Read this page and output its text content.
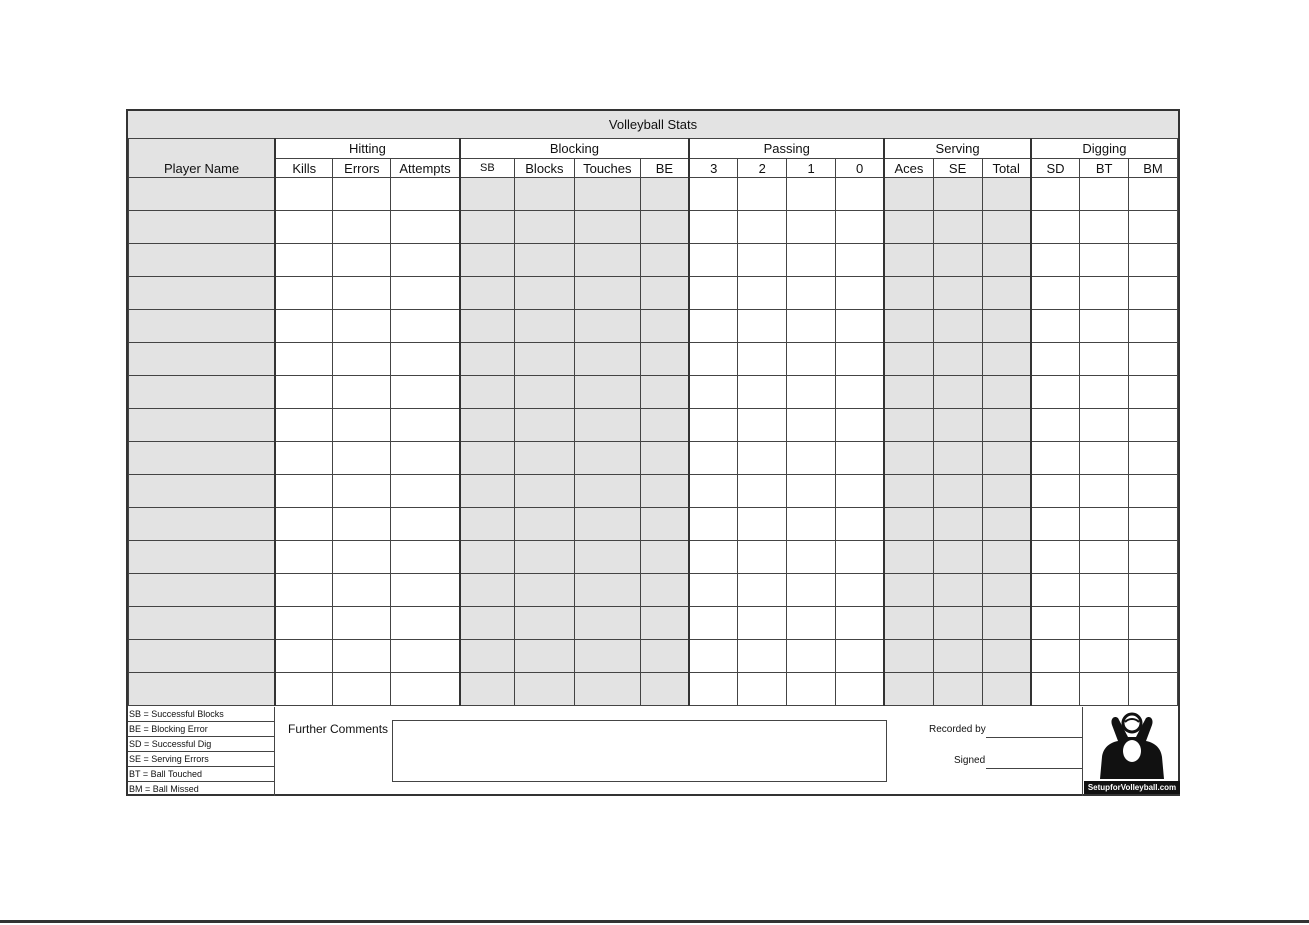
Volleyball Stats
Player Name	Hitting			Blocking				Passing				Serving			Digging		
	Kills	Errors	Attempts	SB	Blocks	Touches	BE	3	2	1	0	Aces	SE	Total	SD	BT	BM

SB = Successful Blocks
BE = Blocking Error
SD = Successful Dig
SE = Serving Errors
BT = Ball Touched
BM = Ball Missed
Further Comments	Recorded by
Signed
SetupforVolleyball.com
